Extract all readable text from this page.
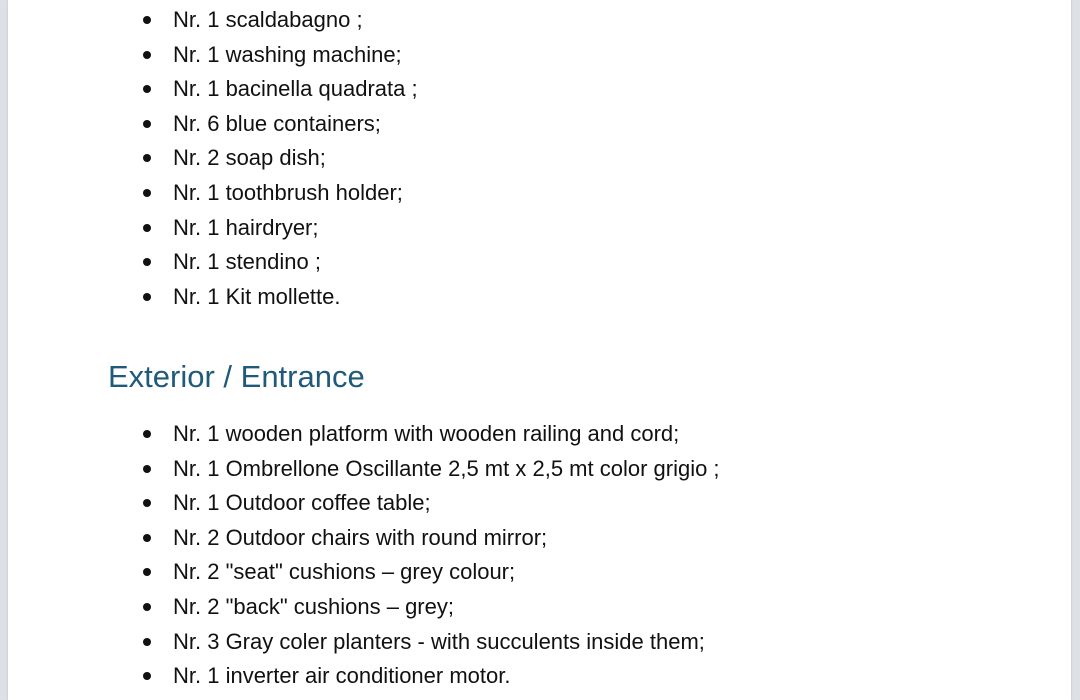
Nr. 1 scaldabagno ;
Nr. 1 washing machine;
Nr. 1 bacinella quadrata ;
Nr. 6 blue containers;
Nr. 2 soap dish;
Nr. 1 toothbrush holder;
Nr. 1 hairdryer;
Nr. 1 stendino ;
Nr. 1 Kit mollette.
Exterior / Entrance
Nr. 1 wooden platform with wooden railing and cord;
Nr. 1 Ombrellone Oscillante 2,5 mt x 2,5 mt color grigio ;
Nr. 1 Outdoor coffee table;
Nr. 2 Outdoor chairs with round mirror;
Nr. 2 "seat" cushions – grey colour;
Nr. 2 "back" cushions – grey;
Nr. 3 Gray coler planters - with succulents inside them;
Nr. 1 inverter air conditioner motor.
